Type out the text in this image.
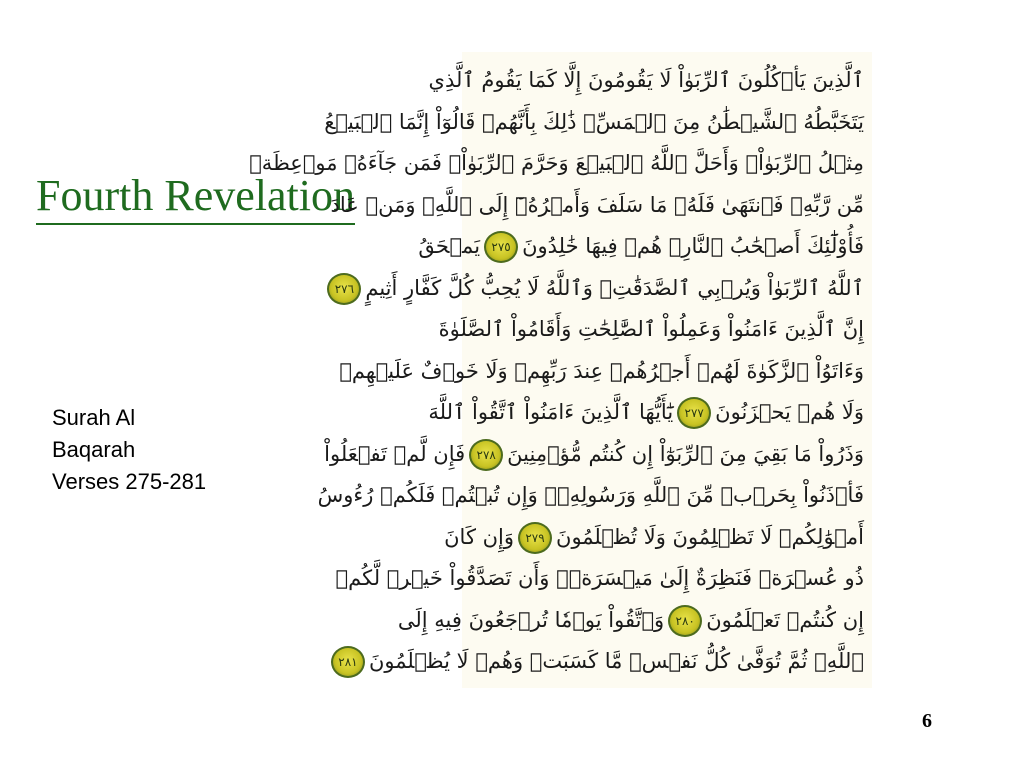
Fourth Revelation
Surah Al
Baqarah
Verses 275-281
ٱلَّذِينَ يَأۡكُلُونَ ٱلرِّبَوٰاْ لَا يَقُومُونَ إِلَّا كَمَا يَقُومُ ٱلَّذِي
يَتَخَبَّطُهُ ٱلشَّيۡطَٰنُ مِنَ ٱلۡمَسِّۚ ذَٰلِكَ بِأَنَّهُمۡ قَالُوٓاْ إِنَّمَا ٱلۡبَيۡعُ
مِثۡلُ ٱلرِّبَوٰاْۗ وَأَحَلَّ ٱللَّهُ ٱلۡبَيۡعَ وَحَرَّمَ ٱلرِّبَوٰاْۚ فَمَن جَآءَهُۥ مَوۡعِظَةٞ
مِّن رَّبِّهِۦ فَٱنتَهَىٰ فَلَهُۥ مَا سَلَفَ وَأَمۡرُهُۥٓ إِلَى ٱللَّهِۖ وَمَنۡ عَادَ
فَأُوْلَٰٓئِكَ أَصۡحَٰبُ ٱلنَّارِۖ هُمۡ فِيهَا خَٰلِدُونَ٢٧٥يَمۡحَقُ
ٱللَّهُ ٱلرِّبَوٰاْ وَيُرۡبِي ٱلصَّدَقَٰتِۗ وَٱللَّهُ لَا يُحِبُّ كُلَّ كَفَّارٍ أَثِيمٍ٢٧٦
إِنَّ ٱلَّذِينَ ءَامَنُواْ وَعَمِلُواْ ٱلصَّٰلِحَٰتِ وَأَقَامُواْ ٱلصَّلَوٰةَ
وَءَاتَوُاْ ٱلزَّكَوٰةَ لَهُمۡ أَجۡرُهُمۡ عِندَ رَبِّهِمۡ وَلَا خَوۡفٌ عَلَيۡهِمۡ
وَلَا هُمۡ يَحۡزَنُونَ٢٧٧يَٰٓأَيُّهَا ٱلَّذِينَ ءَامَنُواْ ٱتَّقُواْ ٱللَّهَ
وَذَرُواْ مَا بَقِيَ مِنَ ٱلرِّبَوٰٓاْ إِن كُنتُم مُّؤۡمِنِينَ٢٧٨فَإِن لَّمۡ تَفۡعَلُواْ
فَأۡذَنُواْ بِحَرۡبٖ مِّنَ ٱللَّهِ وَرَسُولِهِۦۖ وَإِن تُبۡتُمۡ فَلَكُمۡ رُءُوسُ
أَمۡوَٰلِكُمۡ لَا تَظۡلِمُونَ وَلَا تُظۡلَمُونَ٢٧٩وَإِن كَانَ
ذُو عُسۡرَةٖ فَنَظِرَةٌ إِلَىٰ مَيۡسَرَةٖۚ وَأَن تَصَدَّقُواْ خَيۡرٞ لَّكُمۡ
إِن كُنتُمۡ تَعۡلَمُونَ٢٨٠وَٱتَّقُواْ يَوۡمٗا تُرۡجَعُونَ فِيهِ إِلَى
ٱللَّهِۖ ثُمَّ تُوَفَّىٰ كُلُّ نَفۡسٖ مَّا كَسَبَتۡ وَهُمۡ لَا يُظۡلَمُونَ٢٨١
6
